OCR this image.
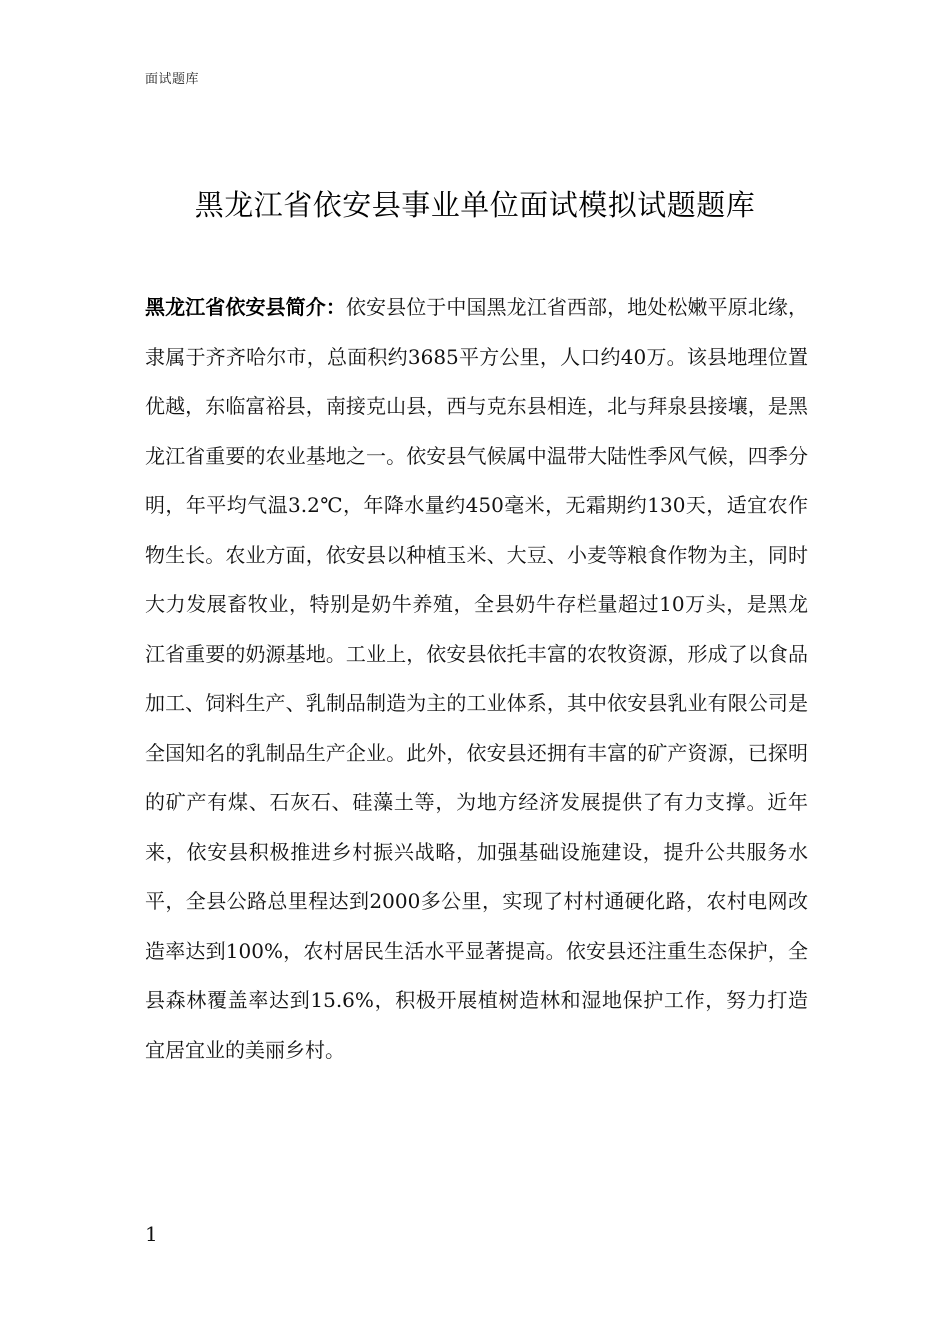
面试题库
黑龙江省依安县事业单位面试模拟试题题库

黑龙江省依安县简介：依安县位于中国黑龙江省西部，地处松嫩平原北缘，隶属于齐齐哈尔市，总面积约3685平方公里，人口约40万。该县地理位置优越，东临富裕县，南接克山县，西与克东县相连，北与拜泉县接壤，是黑龙江省重要的农业基地之一。依安县气候属中温带大陆性季风气候，四季分明，年平均气温3.2℃，年降水量约450毫米，无霜期约130天，适宜农作物生长。农业方面，依安县以种植玉米、大豆、小麦等粮食作物为主，同时大力发展畜牧业，特别是奶牛养殖，全县奶牛存栏量超过10万头，是黑龙江省重要的奶源基地。工业上，依安县依托丰富的农牧资源，形成了以食品加工、饲料生产、乳制品制造为主的工业体系，其中依安县乳业有限公司是全国知名的乳制品生产企业。此外，依安县还拥有丰富的矿产资源，已探明的矿产有煤、石灰石、硅藻土等，为地方经济发展提供了有力支撑。近年来，依安县积极推进乡村振兴战略，加强基础设施建设，提升公共服务水平，全县公路总里程达到2000多公里，实现了村村通硬化路，农村电网改造率达到100%，农村居民生活水平显著提高。依安县还注重生态保护，全县森林覆盖率达到15.6%，积极开展植树造林和湿地保护工作，努力打造宜居宜业的美丽乡村。

1
